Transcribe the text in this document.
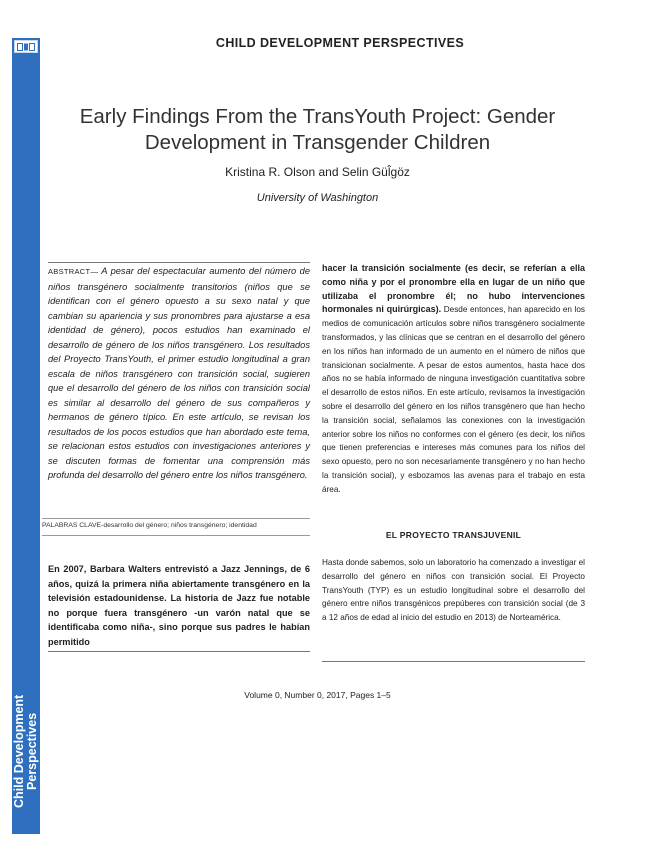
Child Development Perspectives
CHILD DEVELOPMENT PERSPECTIVES
Early Findings From the TransYouth Project: Gender Development in Transgender Children
Kristina R. Olson and Selin Gül̂göz
University of Washington
ABSTRACT— A pesar del espectacular aumento del número de niños transgénero socialmente transitorios (niños que se identifican con el género opuesto a su sexo natal y que cambian su apariencia y sus pronombres para ajustarse a esa identidad de género), pocos estudios han examinado el desarrollo de género de los niños transgénero. Los resultados del Proyecto TransYouth, el primer estudio longitudinal a gran escala de niños transgénero con transición social, sugieren que el desarrollo del género de los niños con transición social es similar al desarrollo del género de sus compañeros y hermanos de género típico. En este artículo, se revisan los resultados de los pocos estudios que han abordado este tema, se relacionan estos estudios con investigaciones anteriores y se discuten formas de fomentar una comprensión más profunda del desarrollo del género entre los niños transgénero.
PALABRAS CLAVE-desarrollo del género; niños transgénero; identidad
En 2007, Barbara Walters entrevistó a Jazz Jennings, de 6 años, quizá la primera niña abiertamente transgénero en la televisión estadounidense. La historia de Jazz fue notable no porque fuera transgénero -un varón natal que se identificaba como niña-, sino porque sus padres le habían permitido
hacer la transición socialmente (es decir, se referían a ella como niña y por el pronombre ella en lugar de un niño que utilizaba el pronombre él; no hubo intervenciones hormonales ni quirúrgicas). Desde entonces, han aparecido en los medios de comunicación artículos sobre niños transgénero socialmente transformados, y las clínicas que se centran en el desarrollo del género en los niños han informado de un aumento en el número de niños que transicionan socialmente. A pesar de estos aumentos, hasta hace dos años no se había informado de ninguna investigación cuantitativa sobre el desarrollo de estos niños. En este artículo, revisamos la investigación sobre el desarrollo del género en los niños transgénero que han hecho la transición social, señalamos las conexiones con la investigación anterior sobre los niños no conformes con el género (es decir, los niños que tienen preferencias e intereses más comunes para los niños del sexo opuesto, pero no son necesariamente transgénero y no han hecho la transición social), y esbozamos las avenas para el trabajo en esta área.
EL PROYECTO TRANSJUVENIL
Hasta donde sabemos, solo un laboratorio ha comenzado a investigar el desarrollo del género en niños con transición social. El Proyecto TransYouth (TYP) es un estudio longitudinal sobre el desarrollo del género entre niños transgénicos prepúberes con transición social (de 3 a 12 años de edad al inicio del estudio en 2013) de Norteamérica.
Volume 0, Number 0, 2017, Pages 1–5
